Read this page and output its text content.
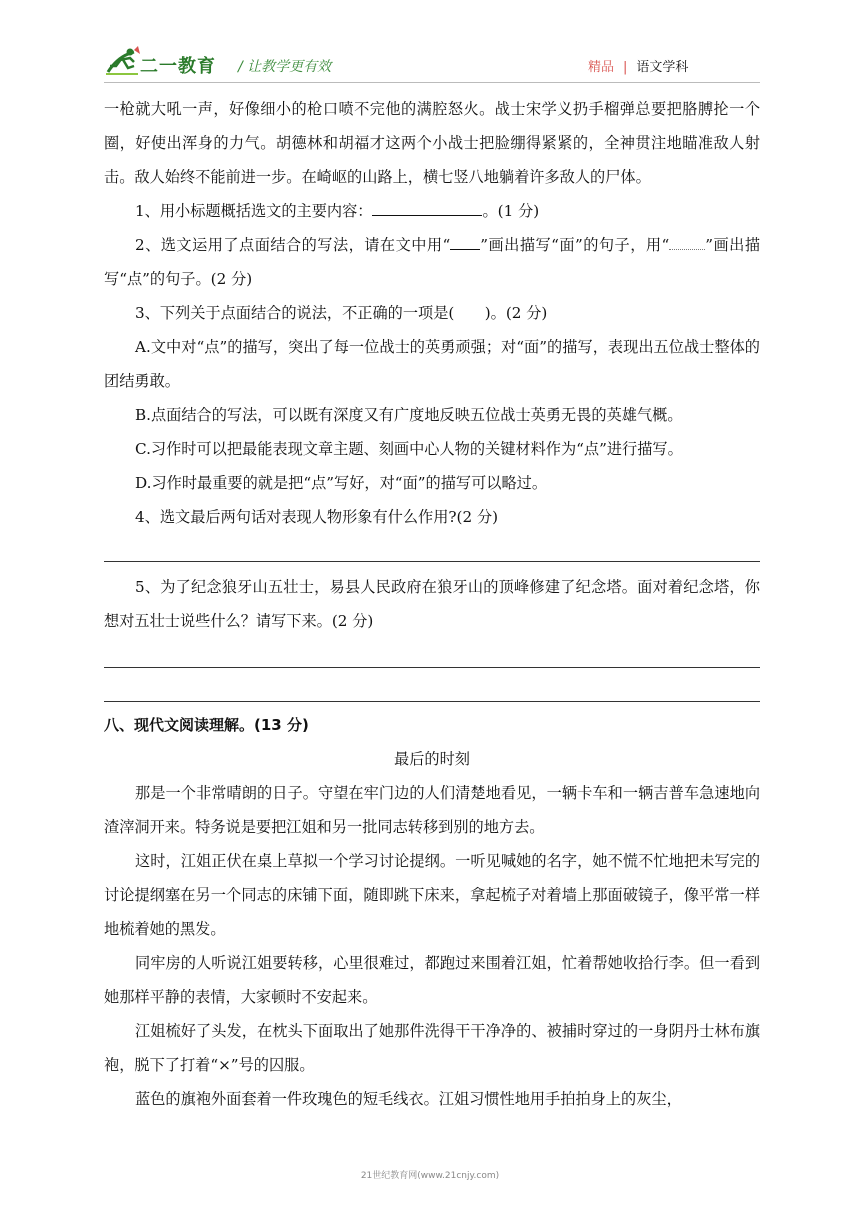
二一教育 / 让教学更有效	精品 | 语文学科

一枪就大吼一声，好像细小的枪口喷不完他的满腔怒火。战士宋学义扔手榴弹总要把胳膊抡一个圈，好使出浑身的力气。胡德林和胡福才这两个小战士把脸绷得紧紧的，全神贯注地瞄准敌人射击。敌人始终不能前进一步。在崎岖的山路上，横七竖八地躺着许多敌人的尸体。

1、用小标题概括选文的主要内容：	。(1 分)

2、选文运用了点面结合的写法，请在文中用“ ”画出描写“面”的句子，用“ ”画出描写“点”的句子。(2 分)

3、下列关于点面结合的说法，不正确的一项是(　　)。(2 分)

A.文中对“点”的描写，突出了每一位战士的英勇顽强；对“面”的描写，表现出五位战士整体的团结勇敢。

B.点面结合的写法，可以既有深度又有广度地反映五位战士英勇无畏的英雄气概。

C.习作时可以把最能表现文章主题、刻画中心人物的关键材料作为“点”进行描写。

D.习作时最重要的就是把“点”写好，对“面”的描写可以略过。

4、选文最后两句话对表现人物形象有什么作用?(2 分)

5、为了纪念狼牙山五壮士，易县人民政府在狼牙山的顶峰修建了纪念塔。面对着纪念塔，你想对五壮士说些什么？请写下来。(2 分)

八、现代文阅读理解。(13 分)

最后的时刻

那是一个非常晴朗的日子。守望在牢门边的人们清楚地看见，一辆卡车和一辆吉普车急速地向渣滓洞开来。特务说是要把江姐和另一批同志转移到别的地方去。

这时，江姐正伏在桌上草拟一个学习讨论提纲。一听见喊她的名字，她不慌不忙地把未写完的讨论提纲塞在另一个同志的床铺下面，随即跳下床来，拿起梳子对着墙上那面破镜子，像平常一样地梳着她的黑发。

同牢房的人听说江姐要转移，心里很难过，都跑过来围着江姐，忙着帮她收拾行李。但一看到她那样平静的表情，大家顿时不安起来。

江姐梳好了头发，在枕头下面取出了她那件洗得干干净净的、被捕时穿过的一身阴丹士林布旗袍，脱下了打着“×”号的囚服。

蓝色的旗袍外面套着一件玫瑰色的短毛线衣。江姐习惯性地用手拍拍身上的灰尘，

21世纪教育网(www.21cnjy.com)
